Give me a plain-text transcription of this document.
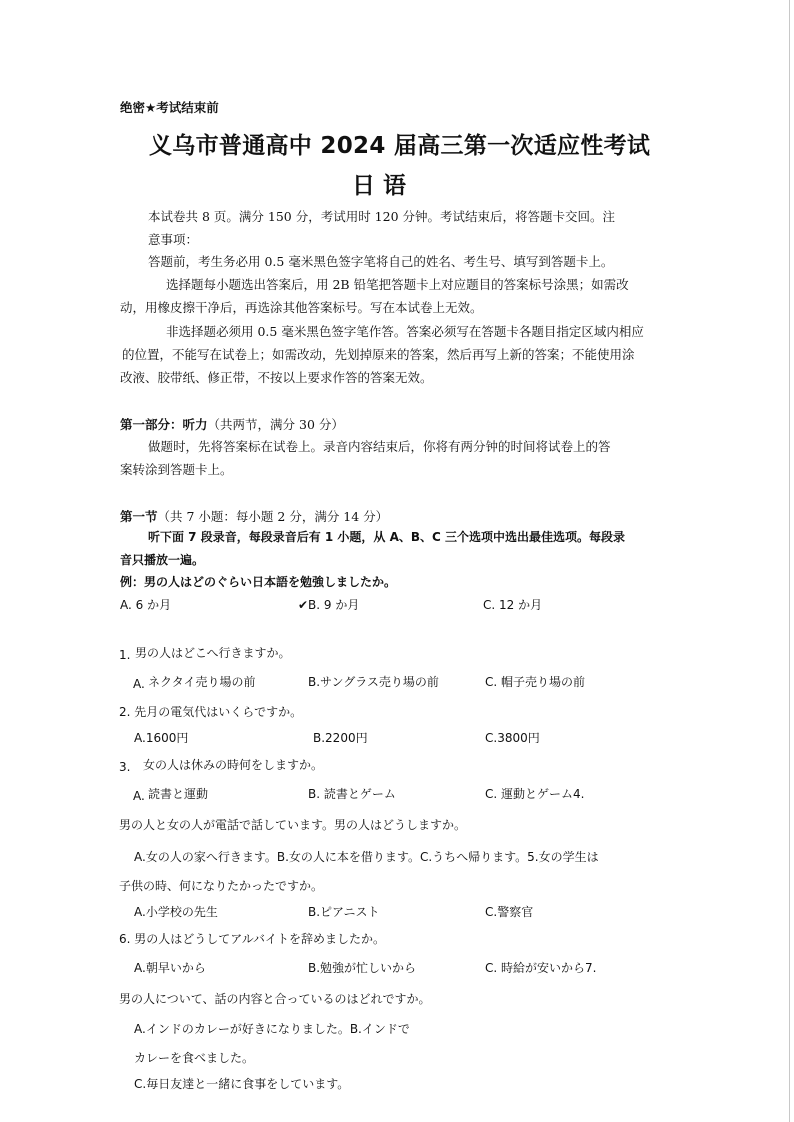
绝密★考试结束前
义乌市普通高中 2024 届高三第一次适应性考试
日 语
本试卷共 8 页。满分 150 分，考试用时 120 分钟。考试结束后，将答题卡交回。注
意事项：
答题前，考生务必用 0.5 毫米黑色签字笔将自己的姓名、考生号、填写到答题卡上。
选择题每小题选出答案后，用 2B 铅笔把答题卡上对应题目的答案标号涂黑；如需改
动，用橡皮擦干净后，再选涂其他答案标号。写在本试卷上无效。
非选择题必须用 0.5 毫米黑色签字笔作答。答案必须写在答题卡各题目指定区域内相应
的位置，不能写在试卷上；如需改动，先划掉原来的答案，然后再写上新的答案；不能使用涂
改液、胶带纸、修正带，不按以上要求作答的答案无效。
第一部分：听力（共两节，满分 30 分）
做题时，先将答案标在试卷上。录音内容结束后，你将有两分钟的时间将试卷上的答
案转涂到答题卡上。
第一节（共 7 小题：每小题 2 分，满分 14 分）
听下面 7 段录音，每段录音后有 1 小题，从 A、B、C 三个选项中选出最佳选项。每段录
音只播放一遍。
例：男の人はどのぐらい日本語を勉強しましたか。
A. 6 か月	✔B. 9 か月	C. 12 か月
1. 男の人はどこへ行きますか。
A. ネクタイ売り場の前	B.サングラス売り場の前	C. 帽子売り場の前
2. 先月の電気代はいくらですか。
A.1600円	B.2200円	C.3800円
3. 女の人は休みの時何をしますか。
A. 読書と運動	B. 読書とゲーム	C. 運動とゲーム4.
男の人と女の人が電話で話しています。男の人はどうしますか。
A.女の人の家へ行きます。B.女の人に本を借ります。C.うちへ帰ります。5.女の学生は
子供の時、何になりたかったですか。
A.小学校の先生	B.ピアニスト	C.警察官
6. 男の人はどうしてアルバイトを辞めましたか。
A.朝早いから	B.勉強が忙しいから	C. 時給が安いから7.
男の人について、話の内容と合っているのはどれですか。
A.インドのカレーが好きになりました。B.インドで
カレーを食べました。
C.毎日友達と一緒に食事をしています。
